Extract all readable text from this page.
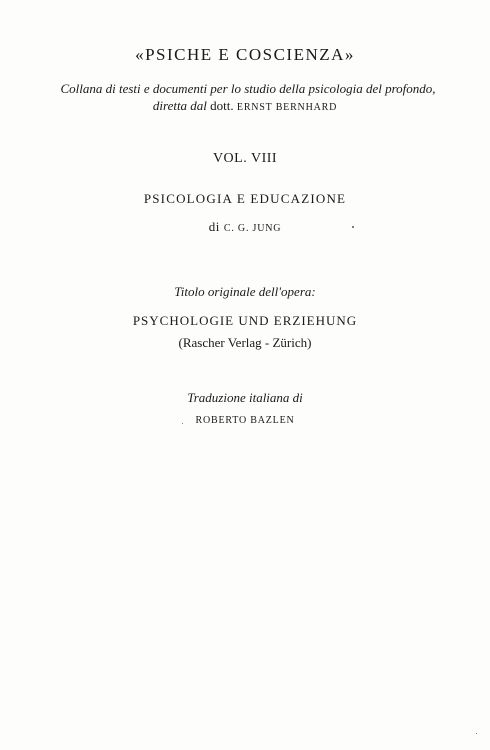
«PSICHE E COSCIENZA»
Collana di testi e documenti per lo studio della psicologia del profondo,
diretta dal dott. ERNST BERNHARD
VOL. VIII
PSICOLOGIA E EDUCAZIONE
di C. G. JUNG
Titolo originale dell'opera:
PSYCHOLOGIE UND ERZIEHUNG
(Rascher Verlag - Zürich)
Traduzione italiana di
ROBERTO BAZLEN
